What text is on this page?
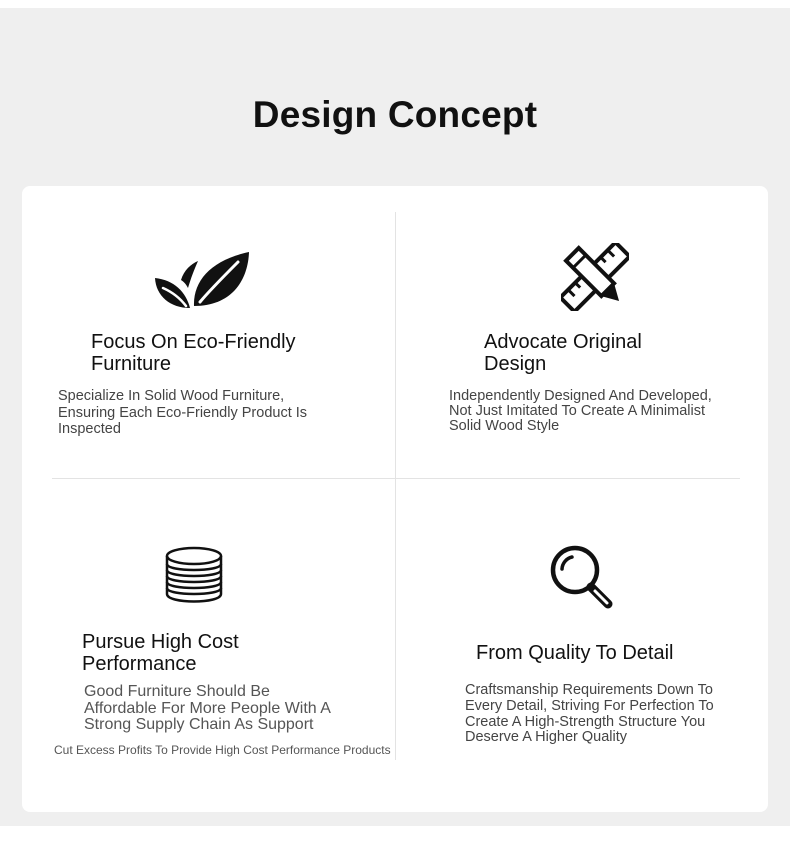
Design Concept
Focus On Eco-Friendly Furniture

Specialize In Solid Wood Furniture, Ensuring Each Eco-Friendly Product Is Inspected

Advocate Original Design

Independently Designed And Developed, Not Just Imitated To Create A Minimalist Solid Wood Style

Pursue High Cost Performance

Good Furniture Should Be Affordable For More People With A Strong Supply Chain As Support

Cut Excess Profits To Provide High Cost Performance Products

From Quality To Detail

Craftsmanship Requirements Down To Every Detail, Striving For Perfection To Create A High-Strength Structure You Deserve A Higher Quality
